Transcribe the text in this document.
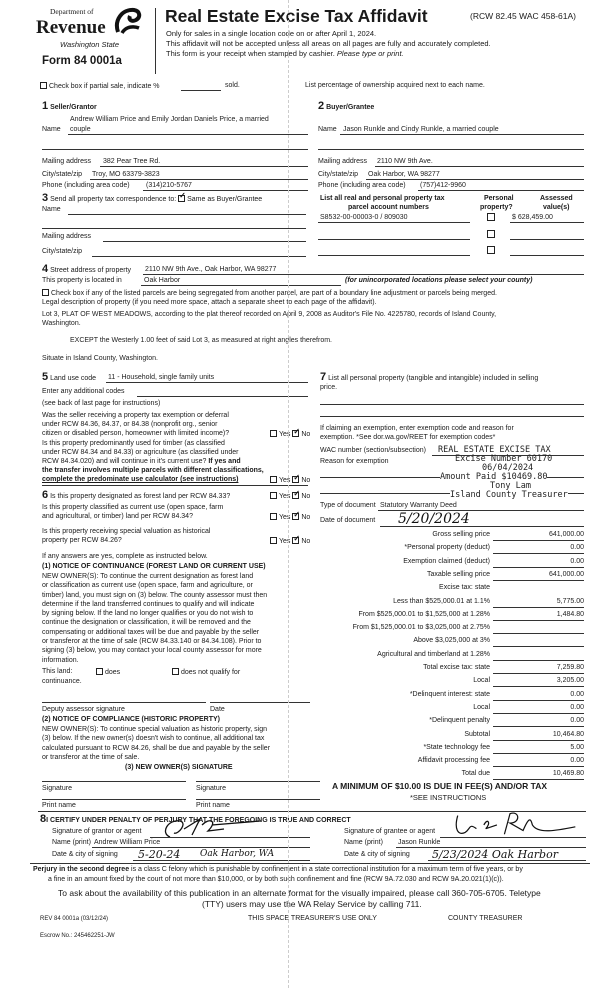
Department of
Revenue
Washington State
Form 84 0001a
Real Estate Excise Tax Affidavit	(RCW 82.45 WAC 458-61A)
Only for sales in a single location code on or after April 1, 2024.
This affidavit will not be accepted unless all areas on all pages are fully and accurately completed.
This form is your receipt when stamped by cashier. Please type or print.
Check box if partial sale, indicate %	sold.	List percentage of ownership acquired next to each name.
1 Seller/Grantor
Andrew William Price and Emily Jordan Daniels Price, a married
Name couple
Mailing address 382 Pear Tree Rd.
City/state/zip Troy, MO 63379-3823
Phone (including area code) (314)210-5767
2 Buyer/Grantee
Name Jason Runkle and Cindy Runkle, a married couple
Mailing address 2110 NW 9th Ave.
City/state/zip Oak Harbor, WA 98277
Phone (including area code) (757)412-9960
3 Send all property tax correspondence to: ✓ Same as Buyer/Grantee
Name
Mailing address
City/state/zip
List all real and personal property tax
parcel account numbers
Personal
property?
Assessed
value(s)
S8532-00-00003-0 / 809030	$ 628,459.00
4 Street address of property 2110 NW 9th Ave., Oak Harbor, WA 98277
This property is located in	Oak Harbor	(for unincorporated locations please select your county)
Check box if any of the listed parcels are being segregated from another parcel, are part of a boundary line adjustment or parcels being merged.
Legal description of property (if you need more space, attach a separate sheet to each page of the affidavit).
Lot 3, PLAT OF WEST MEADOWS, according to the plat thereof recorded on April 9, 2008 as Auditor's File No. 4225780, records of Island County,
Washington.
EXCEPT the Westerly 1.00 feet of said Lot 3, as measured at right angles therefrom.
Situate in Island County, Washington.
5 Land use code 11 - Household, single family units
Enter any additional codes
(see back of last page for instructions)
Was the seller receiving a property tax exemption or deferral
under RCW 84.36, 84.37, or 84.38 (nonprofit org., senior
citizen or disabled person, homeowner with limited income)?	Yes ✓ No
Is this property predominantly used for timber (as classified
under RCW 84.34 and 84.33) or agriculture (as classified under
RCW 84.34.020) and will continue in it's current use? If yes and
the transfer involves multiple parcels with different classifications,
complete the predominate use calculator (see instructions)	Yes ✓ No
6 Is this property designated as forest land per RCW 84.33?	Yes ✓ No
Is this property classified as current use (open space, farm
and agricultural, or timber) land per RCW 84.34?	Yes ✓ No
Is this property receiving special valuation as historical
property per RCW 84.26?	Yes ✓ No
If any answers are yes, complete as instructed below.
(1) NOTICE OF CONTINUANCE (FOREST LAND OR CURRENT USE)
NEW OWNER(S): To continue the current designation as forest land
or classification as current use (open space, farm and agriculture, or
timber) land, you must sign on (3) below. The county assessor must then
determine if the land transferred continues to qualify and will indicate
by signing below. If the land no longer qualifies or you do not wish to
continue the designation or classification, it will be removed and the
compensating or additional taxes will be due and payable by the seller
or transferor at the time of sale (RCW 84.33.140 or 84.34.108). Prior to
signing (3) below, you may contact your local county assessor for more
information.
This land:	does	does not qualify for
continuance.
Deputy assessor signature	Date
(2) NOTICE OF COMPLIANCE (HISTORIC PROPERTY)
NEW OWNER(S): To continue special valuation as historic property, sign
(3) below. If the new owner(s) doesn't wish to continue, all additional tax
calculated pursuant to RCW 84.26, shall be due and payable by the seller
or transferor at the time of sale.
(3) NEW OWNER(S) SIGNATURE
Signature	Signature
Print name	Print name
7 List all personal property (tangible and intangible) included in selling
price.
If claiming an exemption, enter exemption code and reason for
exemption. *See dor.wa.gov/REET for exemption codes*
WAC number (section/subsection)
Reason for exemption
REAL ESTATE EXCISE TAX
Excise Number 60170
06/04/2024
Amount Paid $10469.80
Tony Lam
Island County Treasurer
Type of document Statutory Warranty Deed
Date of document 5/20/2024
Gross selling price	641,000.00
*Personal property (deduct)	0.00
Exemption claimed (deduct)	0.00
Taxable selling price	641,000.00
Excise tax: state
Less than $525,000.01 at 1.1%	5,775.00
From $525,000.01 to $1,525,000 at 1.28%	1,484.80
From $1,525,000.01 to $3,025,000 at 2.75%
Above $3,025,000 at 3%
Agricultural and timberland at 1.28%
Total excise tax: state	7,259.80
Local	3,205.00
*Delinquent interest: state	0.00
Local	0.00
*Delinquent penalty	0.00
Subtotal	10,464.80
*State technology fee	5.00
Affidavit processing fee	0.00
Total due	10,469.80
A MINIMUM OF $10.00 IS DUE IN FEE(S) AND/OR TAX
*SEE INSTRUCTIONS
8I CERTIFY UNDER PENALTY OF PERJURY THAT THE FOREGOING IS TRUE AND CORRECT
Signature of grantor or agent
Name (print) Andrew William Price
Date & city of signing 5-20-24 Oak Harbor, WA
Signature of grantee or agent
Name (print) Jason Runkle
Date & city of signing 5/23/2024 Oak Harbor
Perjury in the second degree is a class C felony which is punishable by confinement in a state correctional institution for a maximum term of five years, or by
a fine in an amount fixed by the court of not more than $10,000, or by both such confinement and fine (RCW 9A.72.030 and RCW 9A.20.021(1)(c)).
To ask about the availability of this publication in an alternate format for the visually impaired, please call 360-705-6705. Teletype
(TTY) users may use the WA Relay Service by calling 711.
REV 84 0001a (03/12/24)	THIS SPACE TREASURER'S USE ONLY	COUNTY TREASURER
Escrow No.: 245462251-JW
